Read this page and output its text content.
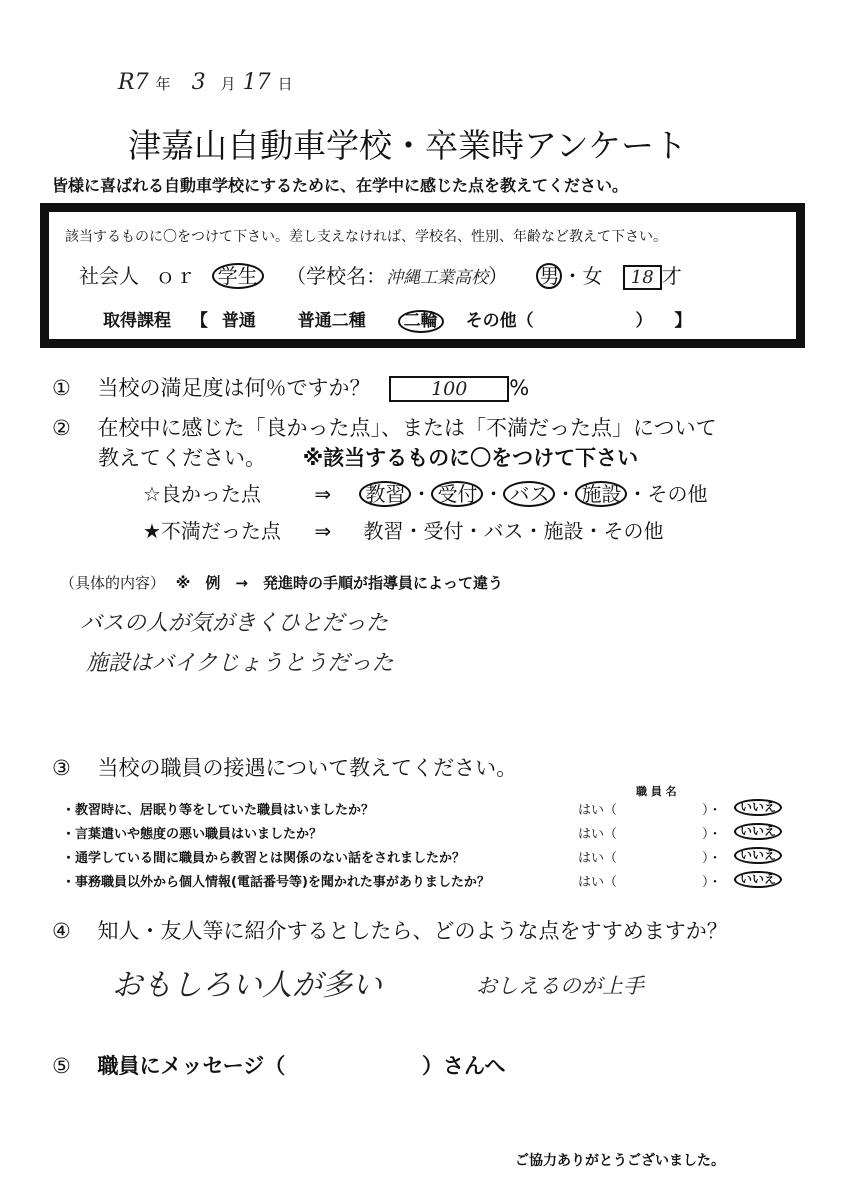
R7 年 3 月 17 日
津嘉山自動車学校・卒業時アンケート
皆様に喜ばれる自動車学校にするために、在学中に感じた点を教えてください。
該当するものに〇をつけて下さい。差し支えなければ、学校名、性別、年齢など教えて下さい。
社会人 ｏｒ 学生 （学校名：沖縄工業高校） 男 ・女 18 才
取得課程 【 普通 普通二種 二輪 その他（	） 】
① 当校の満足度は何％ですか？	100 %
② 在校中に感じた「良かった点」、または「不満だった点」について
教えてください。 ※該当するものに〇をつけて下さい
☆良かった点	⇒ 教習 ・ 受付 ・ バス ・ 施設 ・その他
★不満だった点 ⇒ 教習・受付・バス・施設・その他
（具体的内容） ※　例　→　発進時の手順が指導員によって違う
バスの人が気がきくひとだった
施設はバイクじょうとうだった
③ 当校の職員の接遇について教えてください。
職 員 名
・教習時に、居眠り等をしていた職員はいましたか？	はい（	）・	いいえ
・言葉遣いや態度の悪い職員はいましたか？	はい（	）・	いいえ
・通学している間に職員から教習とは関係のない話をされましたか？	はい（	）・	いいえ
・事務職員以外から個人情報(電話番号等)を聞かれた事がありましたか？	はい（	）・	いいえ
④ 知人・友人等に紹介するとしたら、どのような点をすすめますか？
おもしろい人が多い	おしえるのが上手
⑤ 職員にメッセージ（	）さんへ
ご協力ありがとうございました。
